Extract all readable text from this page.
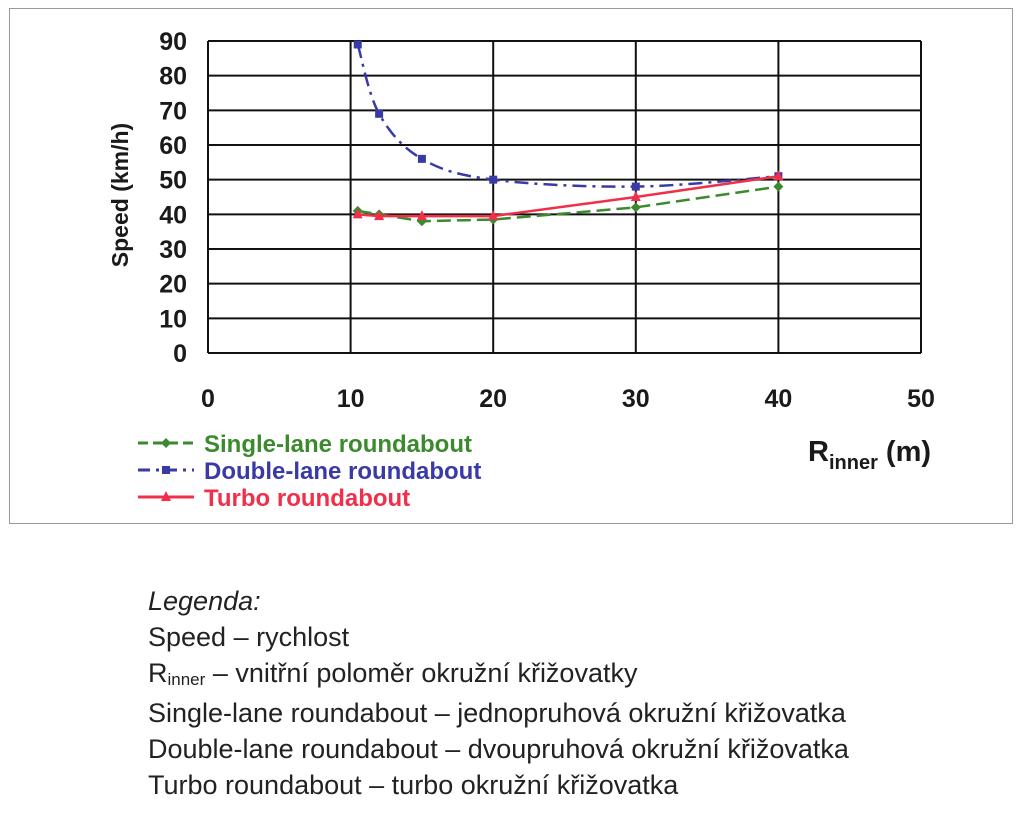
0
10
20
30
40
50
60
70
80
90
0	10	20	30	40	50
Speed (km/h)
$R_{inner}$ (m)
Single-lane roundabout
Double-lane roundabout
Turbo roundabout
Legenda:
Speed – rychlost
$R_{inner}$ – vnitřní poloměr okružní křižovatky
Single-lane roundabout – jednopruhová okružní křižovatka
Double-lane roundabout – dvoupruhová okružní křižovatka
Turbo roundabout – turbo okružní křižovatka
